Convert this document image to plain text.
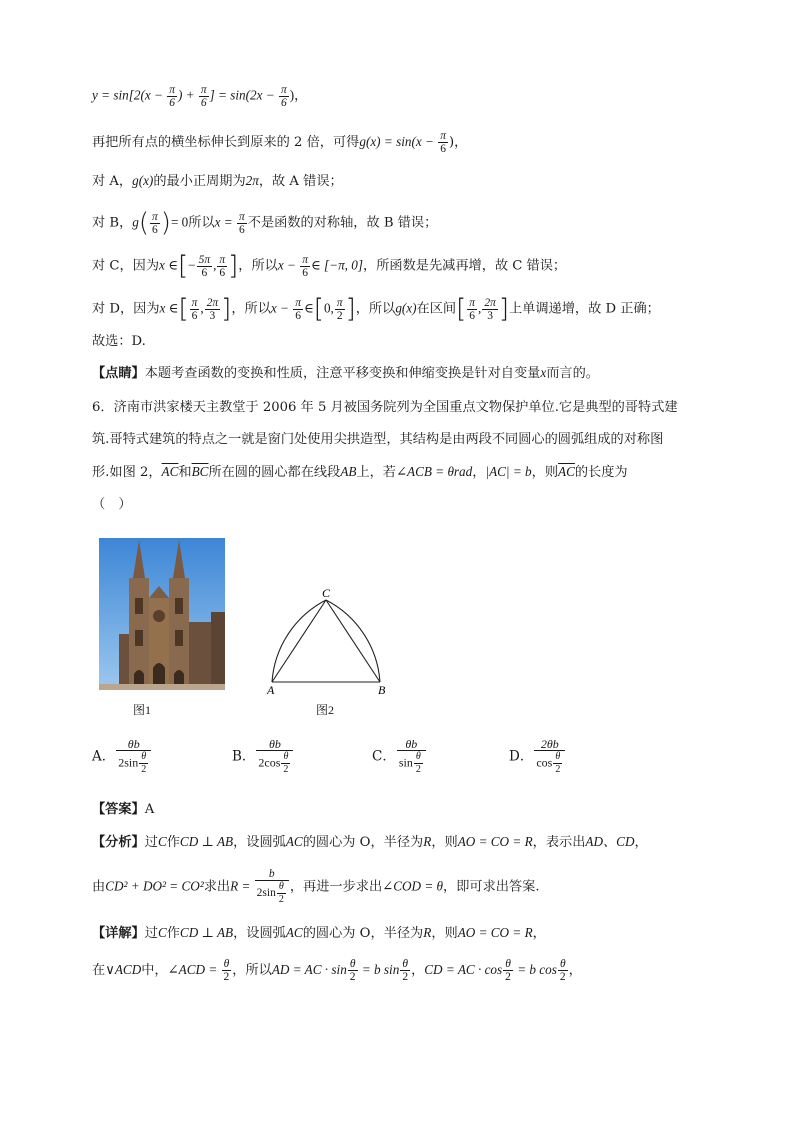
$y = \sin[2(x - \frac{\pi}{6}$ ) + $\frac{\pi}{6}$ ] = $\sin(2x - \frac{\pi}{6}$ )，
再把所有点的横坐标伸长到原来的 2 倍，可得$g(x) = \sin(x - \frac{\pi}{6}$ )，
对 A，g(x)的最小正周期为2π，故 A 错误；
对 B，$g( \frac{\pi}{6}$ )= 0所以$x = \frac{\pi}{6}$ 不是函数的对称轴，故 B 错误；
对 C，因为x ∈[− $\frac{5\pi}{6}$ , $\frac{\pi}{6}$ ]，所以$x - \frac{\pi}{6}$ ∈ [−π, 0]，所函数是先减再增，故 C 错误；
对 D，因为x ∈[ $\frac{\pi}{6}$ , $\frac{2\pi}{3}$ ]，所以$x - \frac{\pi}{6}$ ∈[0, $\frac{\pi}{2}$ ]，所以g(x)在区间[ $\frac{\pi}{6}$ , $\frac{2\pi}{3}$ ]上单调递增，故 D 正确；
故选：D.
【点睛】本题考查函数的变换和性质，注意平移变换和伸缩变换是针对自变量x而言的。
6．济南市洪家楼天主教堂于 2006 年 5 月被国务院列为全国重点文物保护单位.它是典型的哥特式建
筑.哥特式建筑的特点之一就是窗门处使用尖拱造型，其结构是由两段不同圆心的圆弧组成的对称图
形.如图 2，$\overline{AC}$和$\overline{BC}$所在圆的圆心都在线段AB上，若∠ACB = θrad，|AC| = b，则$\overline{AC}$的长度为
（　）
图1
C
A	B
图2
A． $\frac{\theta b}{2\sin \frac{\theta}{2}}$	B． $\frac{\theta b}{2\cos \frac{\theta}{2}}$	C． $\frac{\theta b}{\sin \frac{\theta}{2}}$	D． $\frac{2\theta b}{\cos \frac{\theta}{2}}$
【答案】A
【分析】过C作CD ⊥ AB，设圆弧AC的圆心为 O，半径为R，则AO = CO = R，表示出AD、CD，
由CD² + DO² = CO²求出$R = \frac{b}{2\sin \frac{\theta}{2}}$ ，再进一步求出∠COD = θ，即可求出答案.
【详解】过C作CD ⊥ AB，设圆弧AC的圆心为 O，半径为R，则AO = CO = R，
在∨ACD中，∠ACD = $\frac{\theta}{2}$ ，所以AD = AC · $\sin \frac{\theta}{2} = b$ $\sin \frac{\theta}{2}$ ，CD = AC · $\cos \frac{\theta}{2} = b$ $\cos \frac{\theta}{2}$ ，
